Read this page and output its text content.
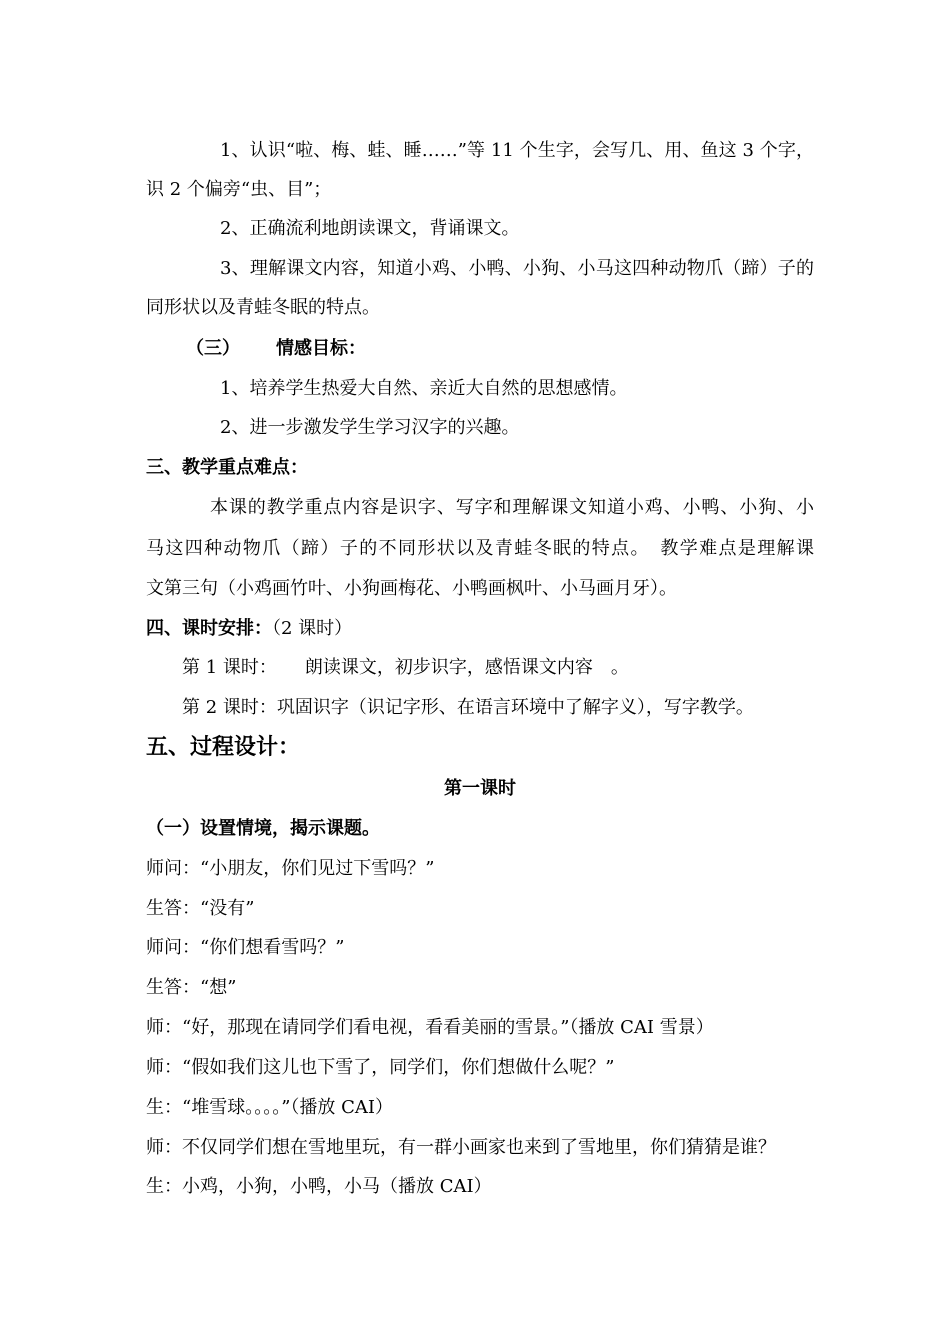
1、认识“啦、梅、蛙、睡……”等 11 个生字，会写几、用、鱼这 3 个字，
识 2 个偏旁“虫、目”；
2、正确流利地朗读课文，背诵课文。
3、理解课文内容，知道小鸡、小鸭、小狗、小马这四种动物爪（蹄）子的
同形状以及青蛙冬眠的特点。
（三） 情感目标：
1、培养学生热爱大自然、亲近大自然的思想感情。
2、进一步激发学生学习汉字的兴趣。
三、教学重点难点：
本课的教学重点内容是识字、写字和理解课文知道小鸡、小鸭、小狗、小
马这四种动物爪（蹄）子的不同形状以及青蛙冬眠的特点。　教学难点是理解课
文第三句（小鸡画竹叶、小狗画梅花、小鸭画枫叶、小马画月牙）。
四、课时安排：（2 课时）
第 1 课时： 朗读课文，初步识字，感悟课文内容　。
第 2 课时：巩固识字（识记字形、在语言环境中了解字义），写字教学。
五、过程设计：
第一课时
（一）设置情境，揭示课题。
师问：“小朋友，你们见过下雪吗？”
生答：“没有”
师问：“你们想看雪吗？”
生答：“想”
师：“好，那现在请同学们看电视，看看美丽的雪景。”（播放 CAI 雪景）
师：“假如我们这儿也下雪了，同学们，你们想做什么呢？”
生：“堆雪球。。。。”（播放 CAI）
师：不仅同学们想在雪地里玩，有一群小画家也来到了雪地里，你们猜猜是谁？
生：小鸡，小狗，小鸭，小马（播放 CAI）
